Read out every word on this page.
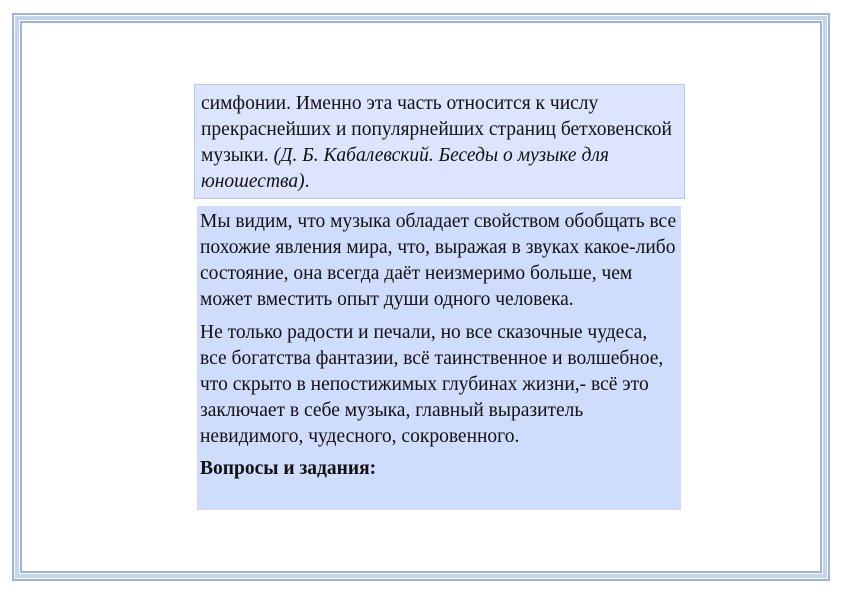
симфонии. Именно эта часть относится к числу прекраснейших и популярнейших страниц бетховенской музыки. (Д. Б. Кабалевский. Беседы о музыке для юношества).

Мы видим, что музыка обладает свойством обобщать все похожие явления мира, что, выражая в звуках какое-либо состояние, она всегда даёт неизмеримо больше, чем может вместить опыт души одного человека.

Не только радости и печали, но все сказочные чудеса, все богатства фантазии, всё таинственное и волшебное, что скрыто в непостижимых глубинах жизни,- всё это заключает в себе музыка, главный выразитель невидимого, чудесного, сокровенного.

Вопросы и задания:
